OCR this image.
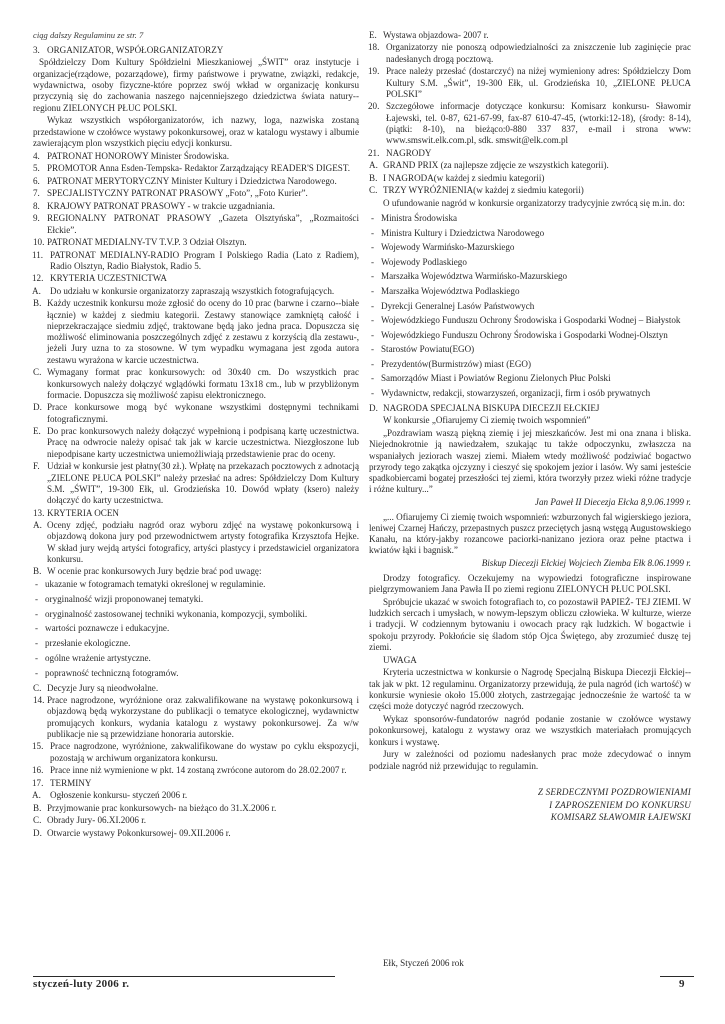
ciąg dalszy Regulaminu ze str. 7
3. ORGANIZATOR, WSPÓŁORGANIZATORZY
Spółdzielczy Dom Kultury Spółdzielni Mieszkaniowej „ŚWIT” oraz instytucje i organizacje(rządowe, pozarządowe), firmy państwowe i prywatne, związki, redakcje, wydawnictwa, osoby fizyczne-które poprzez swój wkład w organizację konkursu przyczynią się do zachowania naszego najcenniejszego dziedzictwa świata natury--regionu ZIELONYCH PŁUC POLSKI.
Wykaz wszystkich współorganizatorów, ich nazwy, loga, nazwiska zostaną przedstawione w czołówce wystawy pokonkursowej, oraz w katalogu wystawy i albumie zawierającym plon wszystkich pięciu edycji konkursu.
4. PATRONAT HONOROWY Minister Środowiska.
5. PROMOTOR Anna Esden-Tempska- Redaktor Zarządzający READER'S DIGEST.
6. PATRONAT MERYTORYCZNY Minister Kultury i Dziedzictwa Narodowego.
7. SPECJALISTYCZNY PATRONAT PRASOWY „Foto”, „Foto Kurier”.
8. KRAJOWY PATRONAT PRASOWY - w trakcie uzgadniania.
9. REGIONALNY PATRONAT PRASOWY „Gazeta Olsztyńska”, „Rozmaitości Ełckie”.
10. PATRONAT MEDIALNY-TV T.V.P. 3 Odział Olsztyn.
11. PATRONAT MEDIALNY-RADIO Program I Polskiego Radia (Lato z Radiem), Radio Olsztyn, Radio Białystok, Radio 5.
12. KRYTERIA UCZESTNICTWA
A. Do udziału w konkursie organizatorzy zapraszają wszystkich fotografujących.
B. Każdy uczestnik konkursu może zgłosić do oceny do 10 prac (barwne i czarno--białe łącznie) w każdej z siedmiu kategorii. Zestawy stanowiące zamkniętą całość i nieprzekraczające siedmiu zdjęć, traktowane będą jako jedna praca. Dopuszcza się możliwość eliminowania poszczególnych zdjęć z zestawu z korzyścią dla zestawu-, jeżeli Jury uzna to za stosowne. W tym wypadku wymagana jest zgoda autora zestawu wyrażona w karcie uczestnictwa.
C. Wymagany format prac konkursowych: od 30x40 cm. Do wszystkich prac konkursowych należy dołączyć wglądówki formatu 13x18 cm., lub w przybliżonym formacie. Dopuszcza się możliwość zapisu elektronicznego.
D. Prace konkursowe mogą być wykonane wszystkimi dostępnymi technikami fotograficznymi.
E. Do prac konkursowych należy dołączyć wypełnioną i podpisaną kartę uczestnictwa. Pracę na odwrocie należy opisać tak jak w karcie uczestnictwa. Niezgłoszone lub niepodpisane karty uczestnictwa uniemożliwiają przedstawienie prac do oceny.
F. Udział w konkursie jest płatny(30 zł.). Wpłatę na przekazach pocztowych z adnotacją „ZIELONE PŁUCA POLSKI” należy przesłać na adres: Spółdzielczy Dom Kultury S.M. „ŚWIT”, 19-300 Ełk, ul. Grodzieńska 10. Dowód wpłaty (ksero) należy dołączyć do karty uczestnictwa.
13. KRYTERIA OCEN
A. Oceny zdjęć, podziału nagród oraz wyboru zdjęć na wystawę pokonkursową i objazdową dokona jury pod przewodnictwem artysty fotografika Krzysztofa Hejke. W skład jury wejdą artyści fotograficy, artyści plastycy i przedstawiciel organizatora konkursu.
B. W ocenie prac konkursowych Jury będzie brać pod uwagę:
- ukazanie w fotogramach tematyki określonej w regulaminie.
- oryginalność wizji proponowanej tematyki.
- oryginalność zastosowanej techniki wykonania, kompozycji, symboliki.
- wartości poznawcze i edukacyjne.
- przesłanie ekologiczne.
- ogólne wrażenie artystyczne.
- poprawność techniczną fotogramów.
C. Decyzje Jury są nieodwołalne.
14. Prace nagrodzone, wyróżnione oraz zakwalifikowane na wystawę pokonkursową i objazdową będą wykorzystane do publikacji o tematyce ekologicznej, wydawnictw promujących konkurs, wydania katalogu z wystawy pokonkursowej. Za w/w publikacje nie są przewidziane honoraria autorskie.
15. Prace nagrodzone, wyróżnione, zakwalifikowane do wystaw po cyklu ekspozycji, pozostają w archiwum organizatora konkursu.
16. Prace inne niż wymienione w pkt. 14 zostaną zwrócone autorom do 28.02.2007 r.
17. TERMINY
A. Ogłoszenie konkursu- styczeń 2006 r.
B. Przyjmowanie prac konkursowych- na bieżąco do 31.X.2006 r.
C. Obrady Jury- 06.XI.2006 r.
D. Otwarcie wystawy Pokonkursowej- 09.XII.2006 r.
E. Wystawa objazdowa- 2007 r.
18. Organizatorzy nie ponoszą odpowiedzialności za zniszczenie lub zaginięcie prac nadesłanych drogą pocztową.
19. Prace należy przesłać (dostarczyć) na niżej wymieniony adres: Spółdzielczy Dom Kultury S.M. „Świt”, 19-300 Ełk, ul. Grodzieńska 10, „ZIELONE PŁUCA POLSKI”
20. Szczegółowe informacje dotyczące konkursu: Komisarz konkursu- Sławomir Łajewski, tel. 0-87, 621-67-99, fax-87 610-47-45, (wtorki:12-18), (środy: 8-14), (piątki: 8-10), na bieżąco:0-880 337 837, e-mail i strona www: www.smswit.elk.com.pl, sdk. smswit@elk.com.pl
21. NAGRODY
A. GRAND PRIX (za najlepsze zdjęcie ze wszystkich kategorii).
B. I NAGRODA(w każdej z siedmiu kategorii)
C. TRZY WYRÓŻNIENIA(w każdej z siedmiu kategorii)
O ufundowanie nagród w konkursie organizatorzy tradycyjnie zwrócą się m.in. do:
- Ministra Środowiska
- Ministra Kultury i Dziedzictwa Narodowego
- Wojewody Warmińsko-Mazurskiego
- Wojewody Podlaskiego
- Marszałka Województwa Warmińsko-Mazurskiego
- Marszałka Województwa Podlaskiego
- Dyrekcji Generalnej Lasów Państwowych
- Wojewódzkiego Funduszu Ochrony Środowiska i Gospodarki Wodnej – Białystok
- Wojewódzkiego Funduszu Ochrony Środowiska i Gospodarki Wodnej-Olsztyn
- Starostów Powiatu(EGO)
- Prezydentów(Burmistrzów) miast (EGO)
- Samorządów Miast i Powiatów Regionu Zielonych Płuc Polski
- Wydawnictw, redakcji, stowarzyszeń, organizacji, firm i osób prywatnych
D. NAGRODA SPECJALNA BISKUPA DIECEZJI EŁCKIEJ
W konkursie „Ofiarujemy Ci ziemię twoich wspomnień”
„Pozdrawiam waszą piękną ziemię i jej mieszkańców. Jest mi ona znana i bliska. Niejednokrotnie ją nawiedzałem, szukając tu także odpoczynku, zwłaszcza na wspaniałych jeziorach waszej ziemi. Miałem wtedy możliwość podziwiać bogactwo przyrody tego zakątka ojczyzny i cieszyć się spokojem jezior i lasów. Wy sami jesteście spadkobiercami bogatej przeszłości tej ziemi, która tworzyły przez wieki różne tradycje i różne kultury...”
Jan Paweł II Diecezja Ełcka 8,9.06.1999 r.
„... Ofiarujemy Ci ziemię twoich wspomnień: wzburzonych fal wigierskiego jeziora, leniwej Czarnej Hańczy, przepastnych puszcz przeciętych jasną wstęgą Augustowskiego Kanału, na który-jakby rozancowe paciorki-nanizano jeziora oraz pełne ptactwa i kwiatów łąki i bagnisk.”
Biskup Diecezji Ełckiej Wojciech Ziemba Ełk 8.06.1999 r.
Drodzy fotograficy. Oczekujemy na wypowiedzi fotograficzne inspirowane pielgrzymowaniem Jana Pawła II po ziemi regionu ZIELONYCH PŁUC POLSKI.
Spróbujcie ukazać w swoich fotografiach to, co pozostawił PAPIEŻ- TEJ ZIEMI. W ludzkich sercach i umysłach, w nowym-lepszym obliczu człowieka. W kulturze, wierze i tradycji. W codziennym bytowaniu i owocach pracy rąk ludzkich. W bogactwie i spokoju przyrody. Pokłońcie się śladom stóp Ojca Świętego, aby zrozumieć duszę tej ziemi.
UWAGA
Kryteria uczestnictwa w konkursie o Nagrodę Specjalną Biskupa Diecezji Ełckiej--tak jak w pkt. 12 regulaminu. Organizatorzy przewidują, że pula nagród (ich wartość) w konkursie wyniesie około 15.000 złotych, zastrzegając jednocześnie że wartość ta w części może dotyczyć nagród rzeczowych.
Wykaz sponsorów-fundatorów nagród podanie zostanie w czołówce wystawy pokonkursowej, katalogu z wystawy oraz we wszystkich materiałach promujących konkurs i wystawę.
Jury w zależności od poziomu nadesłanych prac może zdecydować o innym podziale nagród niż przewidując to regulamin.
Z SERDECZNYMI POZDROWIENIAMI
I ZAPROSZENIEM DO KONKURSU
KOMISARZ SŁAWOMIR ŁAJEWSKI
Ełk, Styczeń 2006 rok
styczeń-luty 2006 r.	9
